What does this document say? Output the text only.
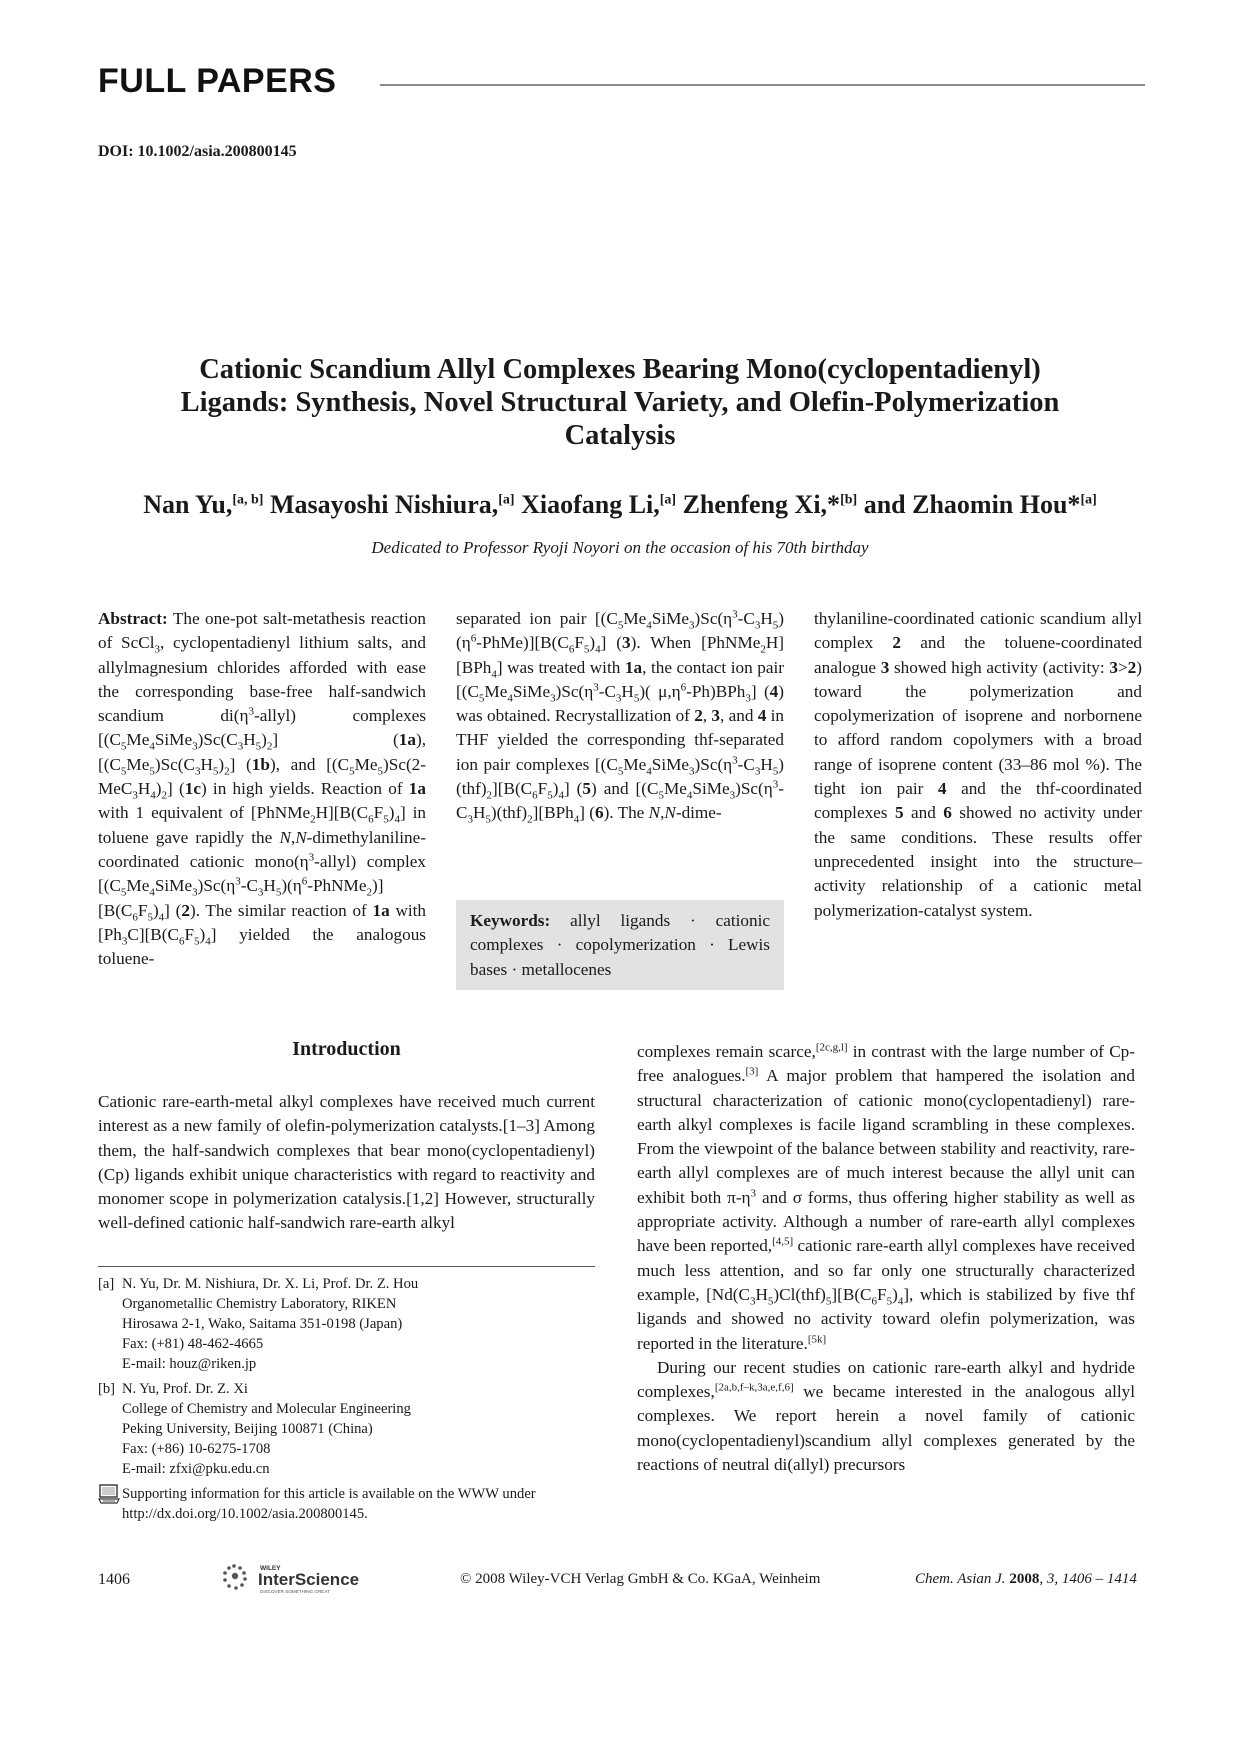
FULL PAPERS
DOI: 10.1002/asia.200800145
Cationic Scandium Allyl Complexes Bearing Mono(cyclopentadienyl)
Ligands: Synthesis, Novel Structural Variety, and Olefin-Polymerization
Catalysis
Nan Yu,[a, b] Masayoshi Nishiura,[a] Xiaofang Li,[a] Zhenfeng Xi,*[b] and Zhaomin Hou*[a]
Dedicated to Professor Ryoji Noyori on the occasion of his 70th birthday

Abstract: The one-pot salt-metathesis reaction of ScCl$_3$, cyclopentadienyl lithium salts, and allylmagnesium chlorides afforded with ease the corresponding base-free half-sandwich scandium $di(\eta^3-allyl)$ complexes $[(C_5Me_4SiMe_3)Sc(C_3H_5)_2]$ (1a), $[(C_5Me_5)Sc(C_3H_5)_2]$ (1b), and $[(C_5Me_5)Sc(2-MeC_3H_4)_2]$ (1c) in high yields. Reaction of 1a with 1 equivalent of $[PhNMe_2H][B(C_6F_5)_4]$ in toluene gave rapidly the N,N-dimethylaniline-coordinated cationic $mono(\eta^3-allyl)$ complex $[(C_5Me_4SiMe_3)Sc(\eta^3-C_3H_5)(\eta^6-PhNMe_2)][B(C_6F_5)_4]$ (2). The similar reaction of 1a with $[Ph_3C][B(C_6F_5)_4]$ yielded the analogous toluene-

separated ion pair $[(C_5Me_4SiMe_3)Sc(\eta^3-C_3H_5)(\eta^6-PhMe)][B(C_6F_5)_4]$ (3). When [PhNMe$_2$H][BPh$_4$] was treated with 1a, the contact ion pair [$(C_5Me_4SiMe_3)Sc(\eta^3-C_3H_5)$( $\mu,\eta^6-Ph)BPh_3$] (4) was obtained. Recrystallization of 2, 3, and 4 in THF yielded the corresponding thf-separated ion pair complexes $[(C_5Me_4SiMe_3)Sc(\eta^3-C_3H_5)(thf)_2][B(C_6F_5)_4]$ (5) and $[(C_5Me_4SiMe_3)Sc(\eta^3-C_3H_5)(thf)_2][BPh_4]$ (6). The N,N-dime-

Keywords: allyl ligands · cationic complexes · copolymerization · Lewis bases · metallocenes

thylaniline-coordinated cationic scandium allyl complex 2 and the toluene-coordinated analogue 3 showed high activity (activity: 3>2) toward the polymerization and copolymerization of isoprene and norbornene to afford random copolymers with a broad range of isoprene content (33–86 mol %). The tight ion pair 4 and the thf-coordinated complexes 5 and 6 showed no activity under the same conditions. These results offer unprecedented insight into the structure–activity relationship of a cationic metal polymerization-catalyst system.

Introduction

Cationic rare-earth-metal alkyl complexes have received much current interest as a new family of olefin-polymerization catalysts.[1–3] Among them, the half-sandwich complexes that bear mono(cyclopentadienyl) (Cp) ligands exhibit unique characteristics with regard to reactivity and monomer scope in polymerization catalysis.[1,2] However, structurally well-defined cationic half-sandwich rare-earth alkyl

complexes remain scarce,[2c,g,l] in contrast with the large number of Cp-free analogues.[3] A major problem that hampered the isolation and structural characterization of cationic mono(cyclopentadienyl) rare-earth alkyl complexes is facile ligand scrambling in these complexes. From the viewpoint of the balance between stability and reactivity, rare-earth allyl complexes are of much interest because the allyl unit can exhibit both $\pi-\eta^3$ and σ forms, thus offering higher stability as well as appropriate activity. Although a number of rare-earth allyl complexes have been reported,[4,5] cationic rare-earth allyl complexes have received much less attention, and so far only one structurally characterized example, $[Nd(C_3H_5)Cl(thf)_5][B(C_6F_5)_4]$, which is stabilized by five thf ligands and showed no activity toward olefin polymerization, was reported in the literature.[5k]

During our recent studies on cationic rare-earth alkyl and hydride complexes,[2a,b,f–k,3a,e,f,6] we became interested in the analogous allyl complexes. We report herein a novel family of cationic mono(cyclopentadienyl)scandium allyl complexes generated by the reactions of neutral di(allyl) precursors

[a] N. Yu, Dr. M. Nishiura, Dr. X. Li, Prof. Dr. Z. Hou
Organometallic Chemistry Laboratory, RIKEN
Hirosawa 2-1, Wako, Saitama 351-0198 (Japan)
Fax: (+81) 48-462-4665
E-mail: houz@riken.jp
[b] N. Yu, Prof. Dr. Z. Xi
College of Chemistry and Molecular Engineering
Peking University, Beijing 100871 (China)
Fax: (+86) 10-6275-1708
E-mail: zfxi@pku.edu.cn
Supporting information for this article is available on the WWW under http://dx.doi.org/10.1002/asia.200800145.
1406
WILEY
InterScience
DISCOVER SOMETHING GREAT
© 2008 Wiley-VCH Verlag GmbH & Co. KGaA, Weinheim	Chem. Asian J. 2008, 3, 1406 – 1414
